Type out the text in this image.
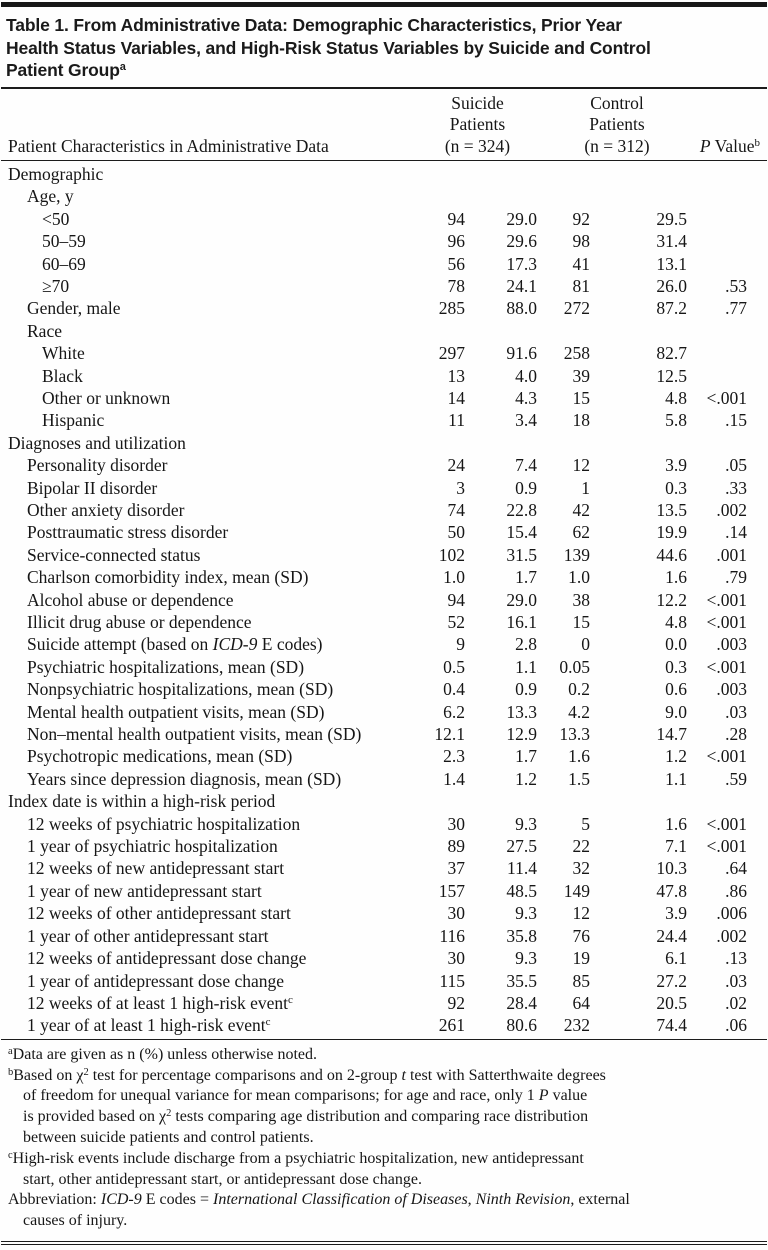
Table 1. From Administrative Data: Demographic Characteristics, Prior Year
Health Status Variables, and High-Risk Status Variables by Suicide and Control
Patient Group$^a$
Patient Characteristics in Administrative Data
Suicide
Patients
(n = 324)
Control
Patients
(n = 312)	P Value$^b$
Demographic
Age, y
<50	94	29.0	92	29.5
50–59	96	29.6	98	31.4
60–69	56	17.3	41	13.1
≥70	78	24.1	81	26.0	.53
Gender, male	285	88.0	272	87.2	.77
Race
White	297	91.6	258	82.7
Black	13	4.0	39	12.5
Other or unknown	14	4.3	15	4.8	<.001
Hispanic	11	3.4	18	5.8	.15
Diagnoses and utilization
Personality disorder	24	7.4	12	3.9	.05
Bipolar II disorder	3	0.9	1	0.3	.33
Other anxiety disorder	74	22.8	42	13.5	.002
Posttraumatic stress disorder	50	15.4	62	19.9	.14
Service-connected status	102	31.5	139	44.6	.001
Charlson comorbidity index, mean (SD)	1.0	1.7	1.0	1.6	.79
Alcohol abuse or dependence	94	29.0	38	12.2	<.001
Illicit drug abuse or dependence	52	16.1	15	4.8	<.001
Suicide attempt (based on ICD-9 E codes)	9	2.8	0	0.0	.003
Psychiatric hospitalizations, mean (SD)	0.5	1.1	0.05	0.3	<.001
Nonpsychiatric hospitalizations, mean (SD)	0.4	0.9	0.2	0.6	.003
Mental health outpatient visits, mean (SD)	6.2	13.3	4.2	9.0	.03
Non–mental health outpatient visits, mean (SD)	12.1	12.9	13.3	14.7	.28
Psychotropic medications, mean (SD)	2.3	1.7	1.6	1.2	<.001
Years since depression diagnosis, mean (SD)	1.4	1.2	1.5	1.1	.59
Index date is within a high-risk period
12 weeks of psychiatric hospitalization	30	9.3	5	1.6	<.001
1 year of psychiatric hospitalization	89	27.5	22	7.1	<.001
12 weeks of new antidepressant start	37	11.4	32	10.3	.64
1 year of new antidepressant start	157	48.5	149	47.8	.86
12 weeks of other antidepressant start	30	9.3	12	3.9	.006
1 year of other antidepressant start	116	35.8	76	24.4	.002
12 weeks of antidepressant dose change	30	9.3	19	6.1	.13
1 year of antidepressant dose change	115	35.5	85	27.2	.03
12 weeks of at least 1 high-risk event$^c$	92	28.4	64	20.5	.02
1 year of at least 1 high-risk event$^c$	261	80.6	232	74.4	.06
$^a$Data are given as n (%) unless otherwise noted.
$^b$Based on $\chi^2$ test for percentage comparisons and on 2-group t test with Satterthwaite degrees
of freedom for unequal variance for mean comparisons; for age and race, only 1 P value
is provided based on $\chi^2$ tests comparing age distribution and comparing race distribution
between suicide patients and control patients.
$^c$High-risk events include discharge from a psychiatric hospitalization, new antidepressant
start, other antidepressant start, or antidepressant dose change.
Abbreviation: ICD-9 E codes = International Classification of Diseases, Ninth Revision, external
causes of injury.
